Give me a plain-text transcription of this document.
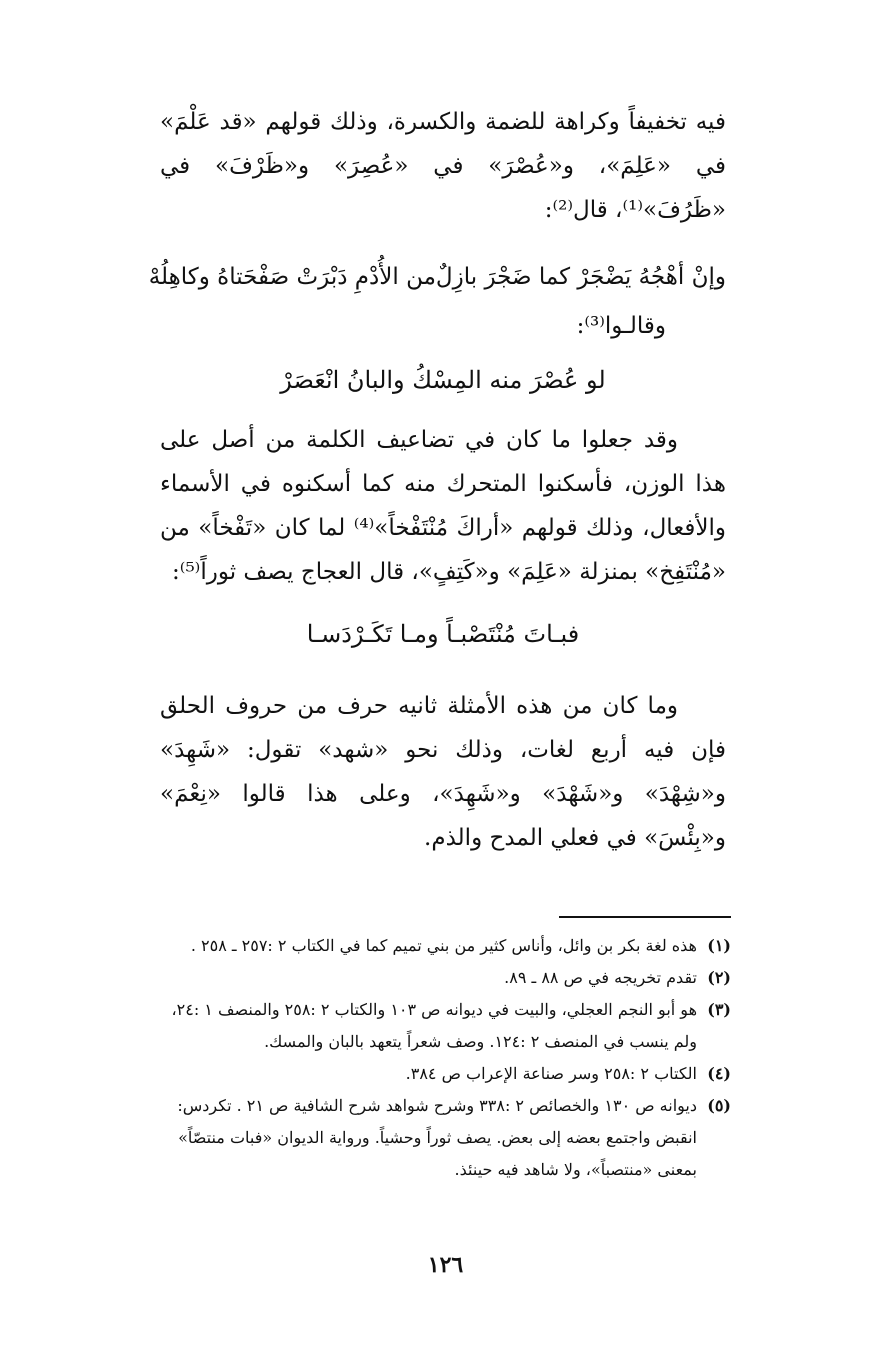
فيه تخفيفاً وكراهة للضمة والكسرة، وذلك قولهم «قد عَلْمَ» في «عَلِمَ»، و«عُصْرَ» في «عُصِرَ» و«ظَرْفَ» في «ظَرُفَ»⁽¹⁾، قال⁽²⁾:

وإنْ أهْجُهُ يَضْجَرْ كما ضَجْرَ بازِلٌ
من الأُدْمِ دَبْرَتْ صَفْحَتاهُ وكاهِلُهْ
وقالـوا⁽³⁾:
لو عُصْرَ منه المِسْكُ والبانُ انْعَصَرْ

وقد جعلوا ما كان في تضاعيف الكلمة من أصل على هذا الوزن، فأسكنوا المتحرك منه كما أسكنوه في الأسماء والأفعال، وذلك قولهم «أراكَ مُنْتَفْخاً»⁽⁴⁾ لما كان «تَفْخاً» من «مُنْتَفِخ» بمنزلة «عَلِمَ» و«كَتِفٍ»، قال العجاج يصف ثوراً⁽⁵⁾:

فبـاتَ مُنْتَصْبـاً ومـا تَكَـرْدَسـا

وما كان من هذه الأمثلة ثانيه حرف من حروف الحلق فإن فيه أربع لغات، وذلك نحو «شهد» تقول: «شَهِدَ» و«شِهْدَ» و«شَهْدَ» و«شَهِدَ»، وعلى هذا قالوا «نِعْمَ» و«بِئْسَ» في فعلي المدح والذم.

(١)
هذه لغة بكر بن وائل، وأناس كثير من بني تميم كما في الكتاب ٢ :٢٥٧ ـ ٢٥٨ .
(٢)
تقدم تخريجه في ص ٨٨ ـ ٨٩.
(٣)
هو أبو النجم العجلي، والبيت في ديوانه ص ١٠٣ والكتاب ٢ :٢٥٨ والمنصف ١ :٢٤،
ولم ينسب في المنصف ٢ :١٢٤. وصف شعراً يتعهد بالبان والمسك.
(٤)
الكتاب ٢ :٢٥٨ وسر صناعة الإعراب ص ٣٨٤.
(٥)
ديوانه ص ١٣٠ والخصائص ٢ :٣٣٨ وشرح شواهد شرح الشافية ص ٢١ . تكردس:
انقبض واجتمع بعضه إلى بعض. يصف ثوراً وحشياً. ورواية الديوان «فبات منتصّاً»
بمعنى «منتصباً»، ولا شاهد فيه حينئذ.
١٢٦
